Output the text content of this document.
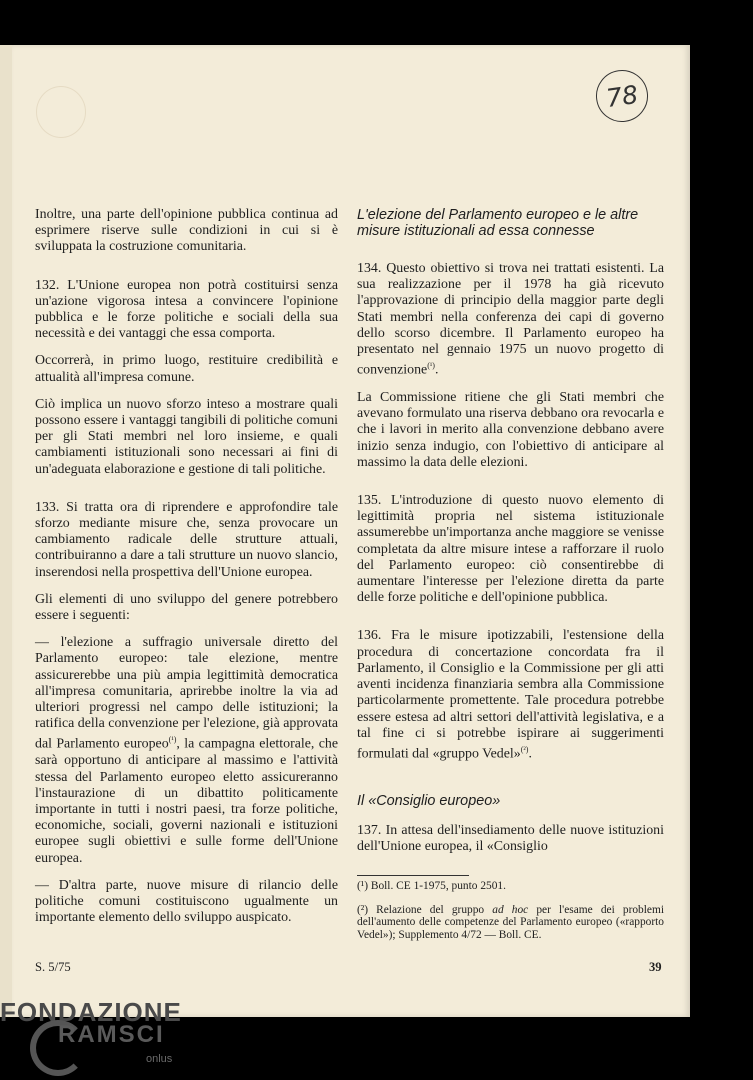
78

Inoltre, una parte dell'opinione pubblica continua ad esprimere riserve sulle condizioni in cui si è sviluppata la costruzione comunitaria.

132. L'Unione europea non potrà costituirsi senza un'azione vigorosa intesa a convincere l'opinione pubblica e le forze politiche e sociali della sua necessità e dei vantaggi che essa comporta.

Occorrerà, in primo luogo, restituire credibilità e attualità all'impresa comune.

Ciò implica un nuovo sforzo inteso a mostrare quali possono essere i vantaggi tangibili di politiche comuni per gli Stati membri nel loro insieme, e quali cambiamenti istituzionali sono necessari ai fini di un'adeguata elaborazione e gestione di tali politiche.

133. Si tratta ora di riprendere e approfondire tale sforzo mediante misure che, senza provocare un cambiamento radicale delle strutture attuali, contribuiranno a dare a tali strutture un nuovo slancio, inserendosi nella prospettiva dell'Unione europea.

Gli elementi di uno sviluppo del genere potrebbero essere i seguenti:

— l'elezione a suffragio universale diretto del Parlamento europeo: tale elezione, mentre assicurerebbe una più ampia legittimità democratica all'impresa comunitaria, aprirebbe inoltre la via ad ulteriori progressi nel campo delle istituzioni; la ratifica della convenzione per l'elezione, già approvata dal Parlamento europeo$^{(^1)}$, la campagna elettorale, che sarà opportuno di anticipare al massimo e l'attività stessa del Parlamento europeo eletto assicureranno l'instaurazione di un dibattito politicamente importante in tutti i nostri paesi, tra forze politiche, economiche, sociali, governi nazionali e istituzioni europee sugli obiettivi e sulle forme dell'Unione europea.

— D'altra parte, nuove misure di rilancio delle politiche comuni costituiscono ugualmente un importante elemento dello sviluppo auspicato.

L'elezione del Parlamento europeo e le altre misure istituzionali ad essa connesse

134. Questo obiettivo si trova nei trattati esistenti. La sua realizzazione per il 1978 ha già ricevuto l'approvazione di principio della maggior parte degli Stati membri nella conferenza dei capi di governo dello scorso dicembre. Il Parlamento europeo ha presentato nel gennaio 1975 un nuovo progetto di convenzione$^{(^1)}$.

La Commissione ritiene che gli Stati membri che avevano formulato una riserva debbano ora revocarla e che i lavori in merito alla convenzione debbano avere inizio senza indugio, con l'obiettivo di anticipare al massimo la data delle elezioni.

135. L'introduzione di questo nuovo elemento di legittimità propria nel sistema istituzionale assumerebbe un'importanza anche maggiore se venisse completata da altre misure intese a rafforzare il ruolo del Parlamento europeo: ciò consentirebbe di aumentare l'interesse per l'elezione diretta da parte delle forze politiche e dell'opinione pubblica.

136. Fra le misure ipotizzabili, l'estensione della procedura di concertazione concordata fra il Parlamento, il Consiglio e la Commissione per gli atti aventi incidenza finanziaria sembra alla Commissione particolarmente promettente. Tale procedura potrebbe essere estesa ad altri settori dell'attività legislativa, e a tal fine ci si potrebbe ispirare ai suggerimenti formulati dal «gruppo Vedel»$^{(^2)}$.

Il «Consiglio europeo»

137. In attesa dell'insediamento delle nuove istituzioni dell'Unione europea, il «Consiglio

(¹) Boll. CE 1-1975, punto 2501.

(²) Relazione del gruppo ad hoc per l'esame dei problemi dell'aumento delle competenze del Parlamento europeo («rapporto Vedel»); Supplemento 4/72 — Boll. CE.

S. 5/75	39
FONDAZIONE
RAMSCI
onlus
